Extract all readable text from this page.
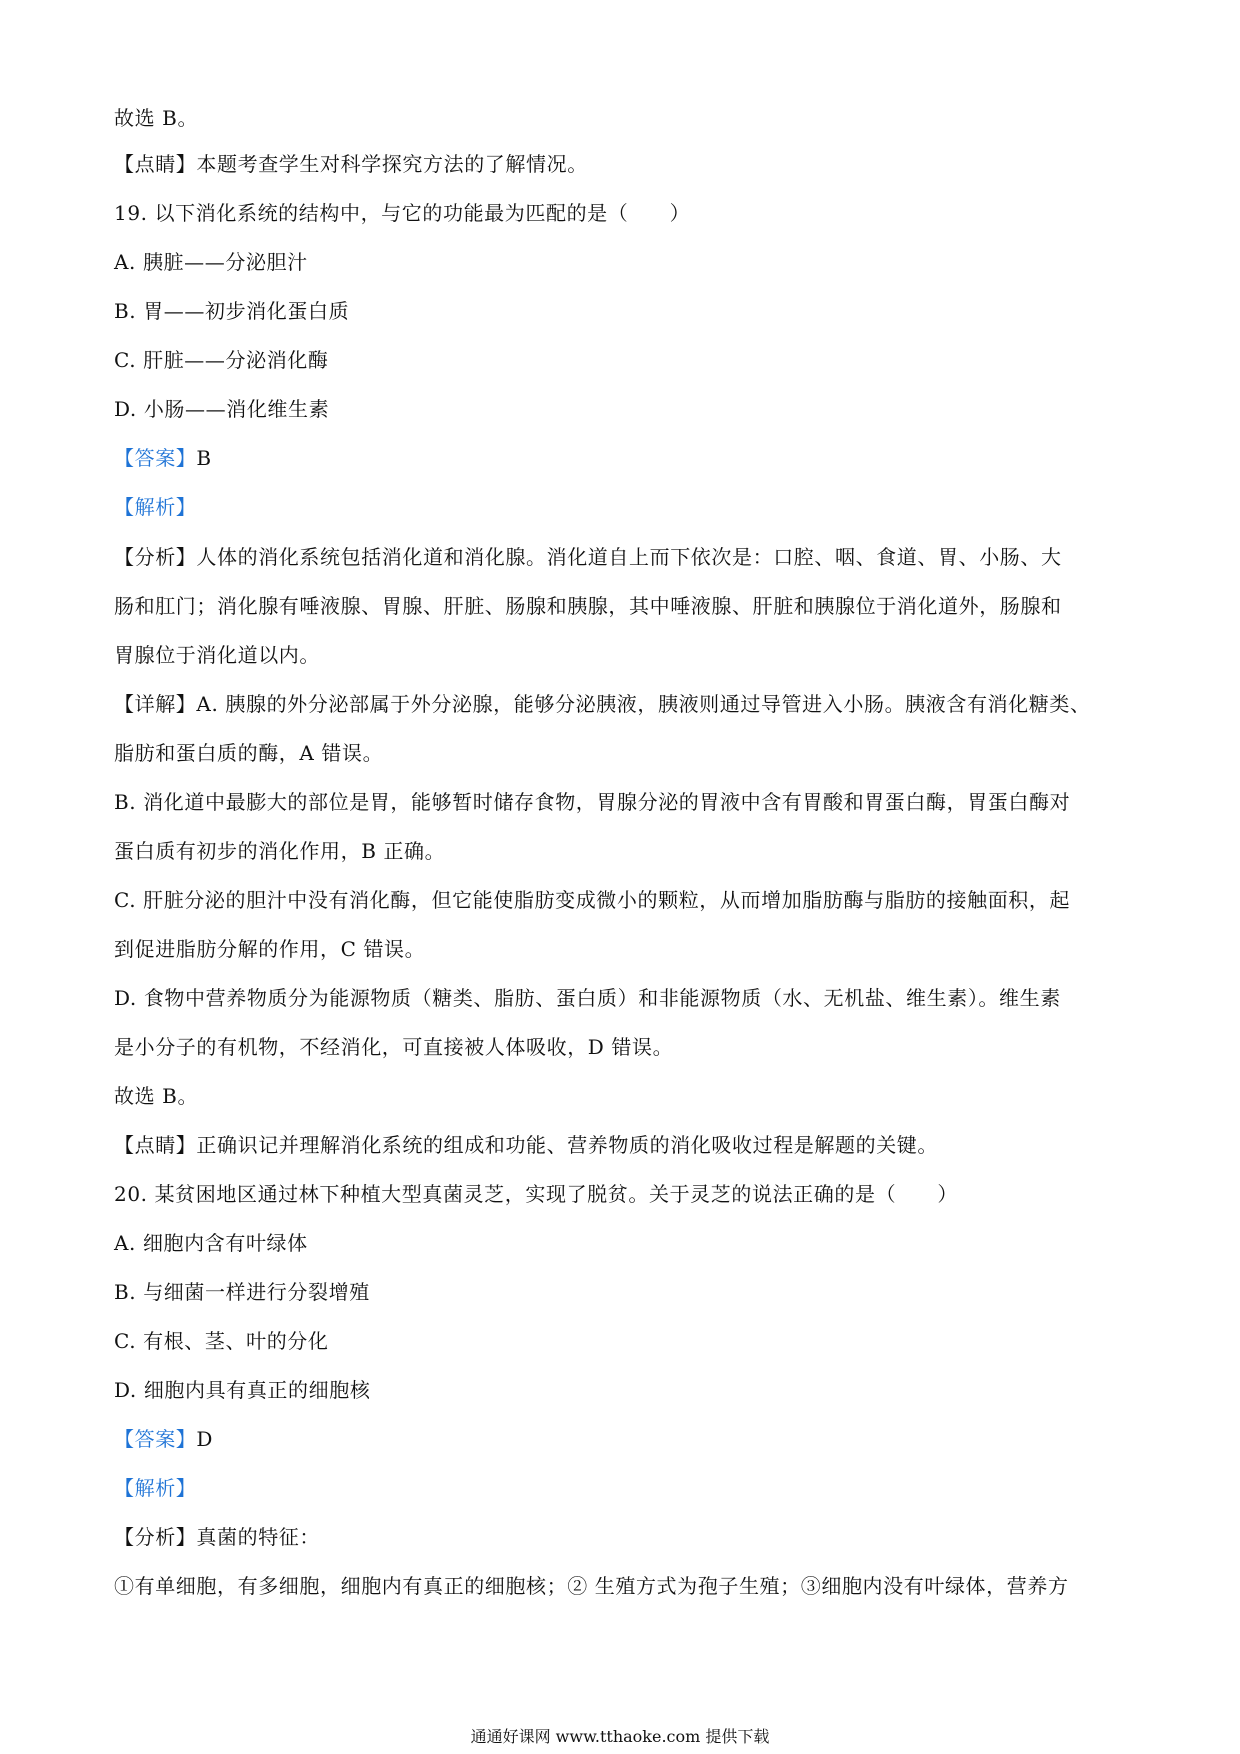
故选 B。
【点睛】本题考查学生对科学探究方法的了解情况。
19. 以下消化系统的结构中，与它的功能最为匹配的是（　　）
A. 胰脏——分泌胆汁
B. 胃——初步消化蛋白质
C. 肝脏——分泌消化酶
D. 小肠——消化维生素
【答案】B
【解析】
【分析】人体的消化系统包括消化道和消化腺。消化道自上而下依次是：口腔、咽、食道、胃、小肠、大
肠和肛门；消化腺有唾液腺、胃腺、肝脏、肠腺和胰腺，其中唾液腺、肝脏和胰腺位于消化道外，肠腺和
胃腺位于消化道以内。
【详解】A. 胰腺的外分泌部属于外分泌腺，能够分泌胰液，胰液则通过导管进入小肠。胰液含有消化糖类、
脂肪和蛋白质的酶，A 错误。
B. 消化道中最膨大的部位是胃，能够暂时储存食物，胃腺分泌的胃液中含有胃酸和胃蛋白酶，胃蛋白酶对
蛋白质有初步的消化作用，B 正确。
C. 肝脏分泌的胆汁中没有消化酶，但它能使脂肪变成微小的颗粒，从而增加脂肪酶与脂肪的接触面积，起
到促进脂肪分解的作用，C 错误。
D. 食物中营养物质分为能源物质（糖类、脂肪、蛋白质）和非能源物质（水、无机盐、维生素）。维生素
是小分子的有机物，不经消化，可直接被人体吸收，D 错误。
故选 B。
【点睛】正确识记并理解消化系统的组成和功能、营养物质的消化吸收过程是解题的关键。
20. 某贫困地区通过林下种植大型真菌灵芝，实现了脱贫。关于灵芝的说法正确的是（　　）
A. 细胞内含有叶绿体
B. 与细菌一样进行分裂增殖
C. 有根、茎、叶的分化
D. 细胞内具有真正的细胞核
【答案】D
【解析】
【分析】真菌的特征：
①有单细胞，有多细胞，细胞内有真正的细胞核；② 生殖方式为孢子生殖；③细胞内没有叶绿体，营养方
通通好课网 www.tthaoke.com 提供下载
